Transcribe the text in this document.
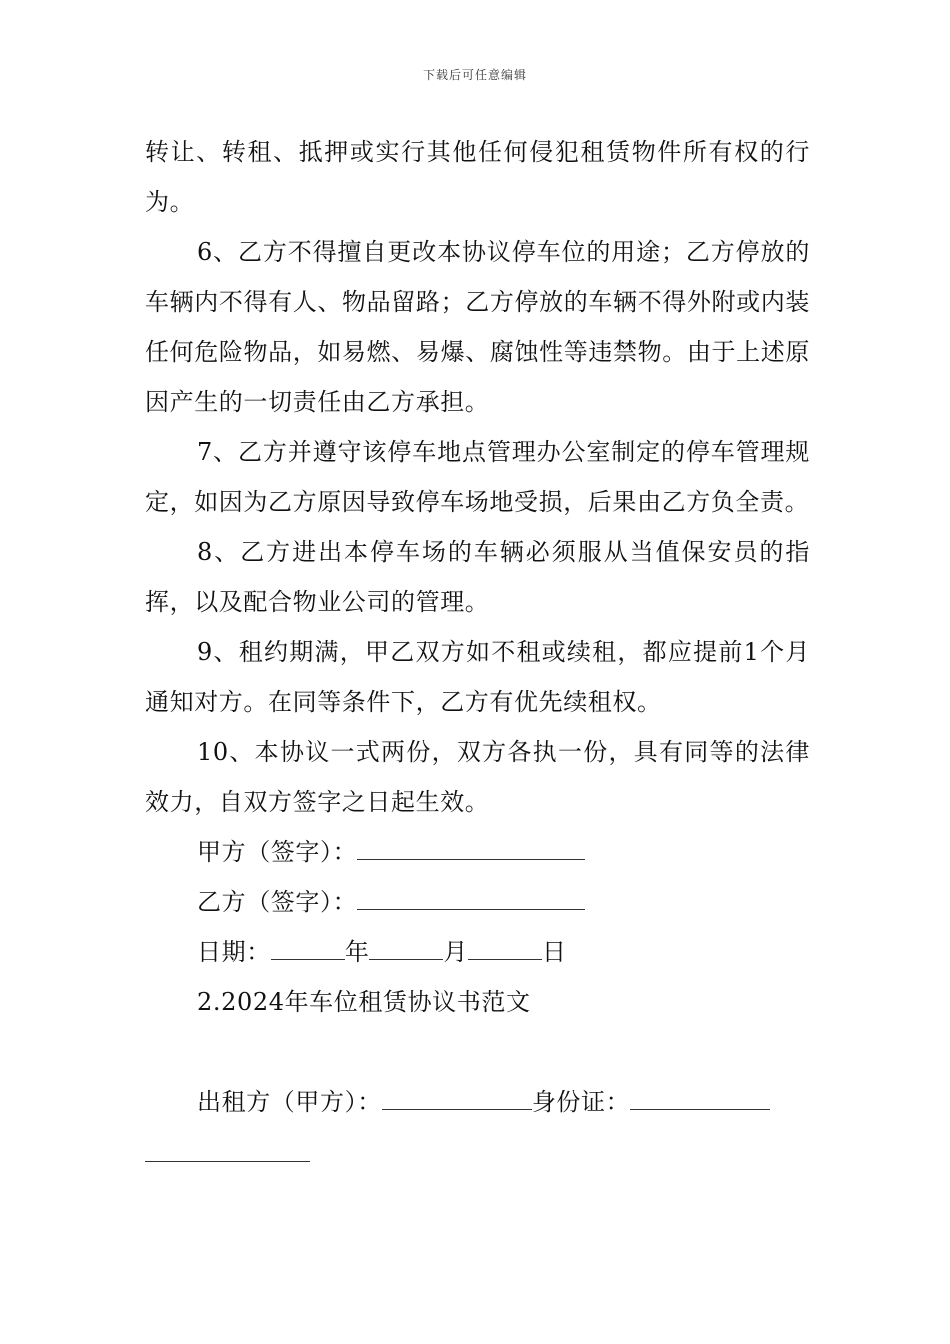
下载后可任意编辑

转让、转租、抵押或实行其他任何侵犯租赁物件所有权的行为。

6、乙方不得擅自更改本协议停车位的用途；乙方停放的车辆内不得有人、物品留路；乙方停放的车辆不得外附或内装任何危险物品，如易燃、易爆、腐蚀性等违禁物。由于上述原因产生的一切责任由乙方承担。

7、乙方并遵守该停车地点管理办公室制定的停车管理规定，如因为乙方原因导致停车场地受损，后果由乙方负全责。

8、乙方进出本停车场的车辆必须服从当值保安员的指挥，以及配合物业公司的管理。

9、租约期满，甲乙双方如不租或续租，都应提前1个月通知对方。在同等条件下，乙方有优先续租权。

10、本协议一式两份，双方各执一份，具有同等的法律效力，自双方签字之日起生效。

甲方（签字）：

乙方（签字）：

日期：	年	月	日

2.2024年车位租赁协议书范文

出租方（甲方）：	身份证：
